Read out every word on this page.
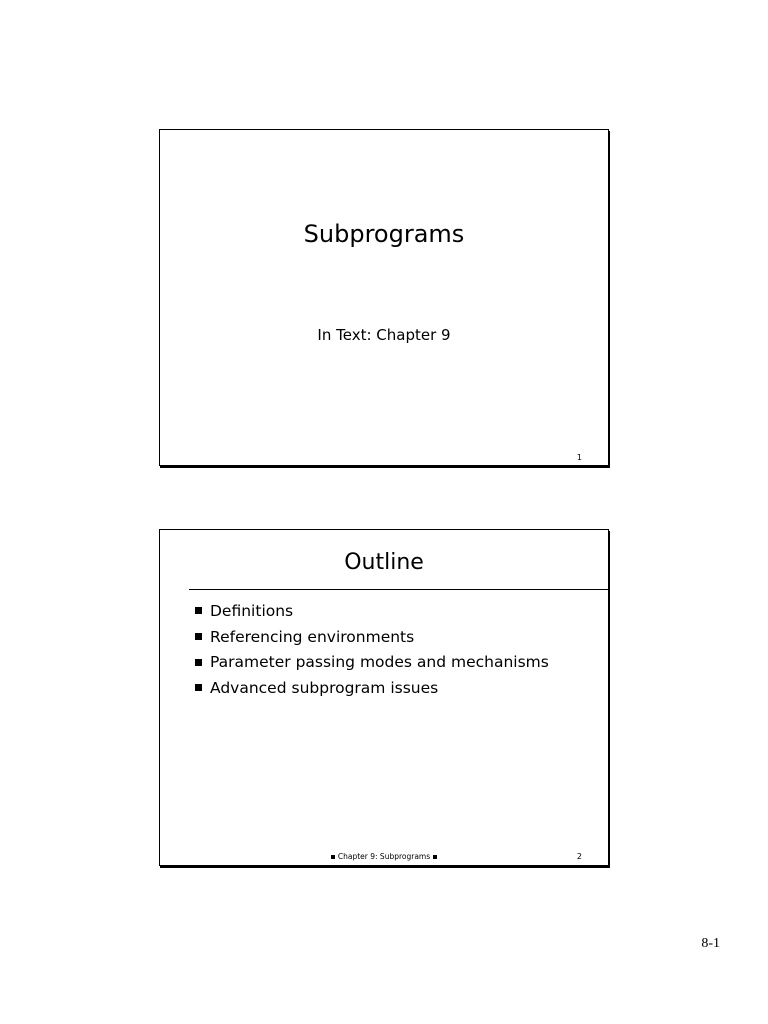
Subprograms
In Text: Chapter 9
1
Outline
Definitions
Referencing environments
Parameter passing modes and mechanisms
Advanced subprogram issues
Chapter 9: Subprograms	2
8-1
